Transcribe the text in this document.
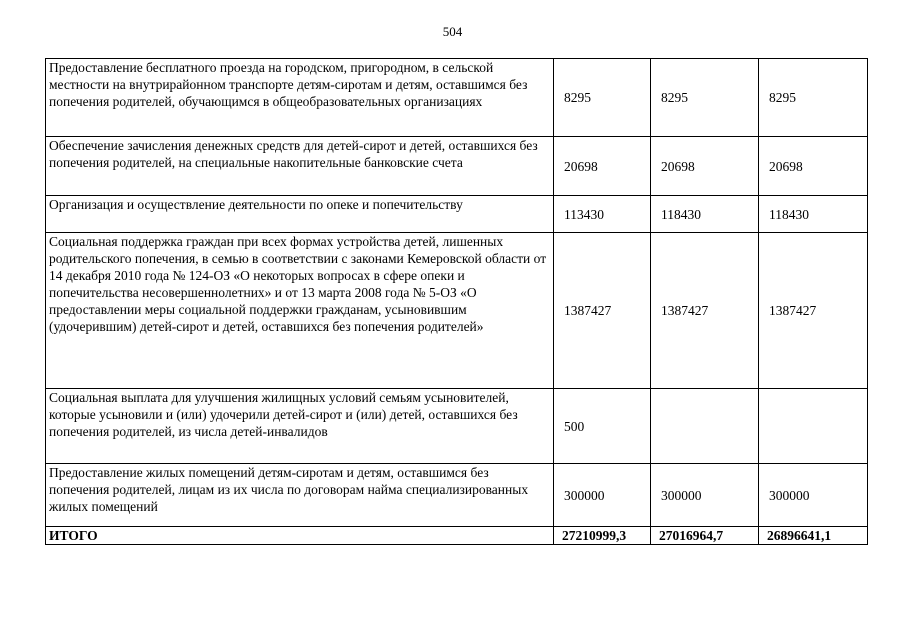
504
Предоставление бесплатного проезда на городском, пригородном, в сельской местности на внутрирайонном транспорте детям-сиротам и детям, оставшимся без попечения родителей, обучающимся в общеобразовательных организациях	8295	8295	8295
Обеспечение зачисления денежных средств для детей-сирот и детей, оставшихся без попечения родителей, на специальные накопительные банковские счета	20698	20698	20698
Организация и осуществление деятельности по опеке и попечительству	113430	118430	118430
Социальная поддержка граждан при всех формах устройства детей, лишенных родительского попечения, в семью в соответствии с законами Кемеровской области от 14 декабря 2010 года № 124-ОЗ «О некоторых вопросах в сфере опеки и попечительства несовершеннолетних» и от 13 марта 2008 года № 5-ОЗ «О предоставлении меры социальной поддержки гражданам, усыновившим (удочерившим) детей-сирот и детей, оставшихся без попечения родителей»	1387427	1387427	1387427
Социальная выплата для улучшения жилищных условий семьям усыновителей, которые усыновили и (или) удочерили детей-сирот и (или) детей, оставшихся без попечения родителей, из числа детей-инвалидов	500		
Предоставление жилых помещений детям-сиротам и детям, оставшимся без попечения родителей, лицам из их числа по договорам найма специализированных жилых помещений	300000	300000	300000
ИТОГО	27210999,3	27016964,7	26896641,1
